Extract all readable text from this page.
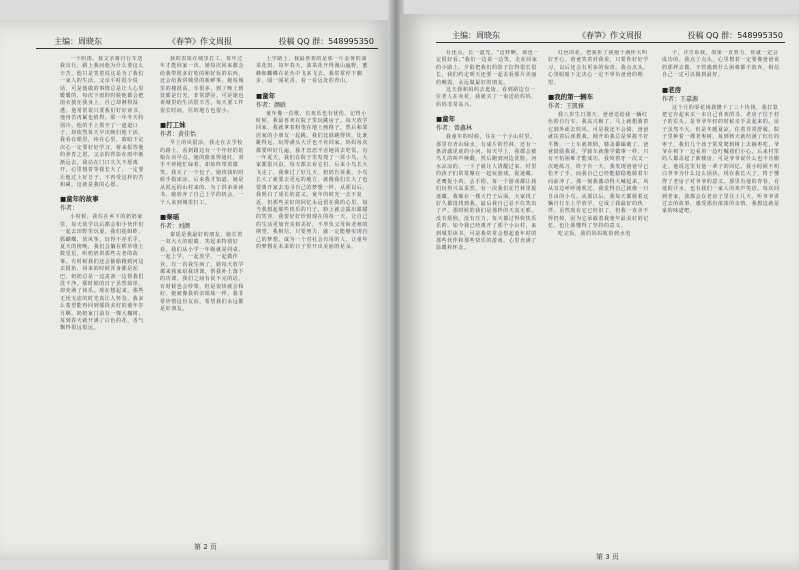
主编：周晓东	《春笋》作文周报	投稿 QQ 群：548995350

一个阴雨，我父亲骑自行车送我出行，路上我问他为什么要这么辛苦，他只是笑着说这是为了我们一家人的生活。父亲平时很少说话，可是他做的事情总是让人心里暖暖的，每次下雨的时候他都会把雨衣披在我身上，自己却淋得湿透。他常常说只要我们好好读书，他再苦再累也值得。那一年冬天特别冷，他的手上裂开了一道道口子，却依然每天早出晚归地干活。我看在眼里，疼在心里，暗暗下定决心一定要好好学习，将来报答他的养育之恩。父亲的背影在雨中渐渐远去，我站在门口久久不愿离开，心里想着等我长大了，一定要让他过上好日子，不再受这样的苦和累，这就是我的心愿。

■童年的故事
作者：

小时候，我住在乡下的奶奶家里，每天放学以后都会和小伙伴们一起去田野里玩耍。我们捉蚂蚱、抓蝴蝶、放风筝，玩得不亦乐乎。夏天的傍晚，我们会躺在稻草堆上数星星，听奶奶讲那些古老的故事。有时候我们还会偷偷跑到河边去摸鱼，回来的时候浑身都是泥巴，奶奶总是一边责备一边帮我们洗干净。那时候的日子虽然简单，却充满了快乐。现在想起来，那些无忧无虑的时光真让人怀念，我多么希望能再回到那段美好的童年岁月啊。奶奶家门前有一棵大槐树，每到春天就开满了白色的花，香气飘得很远很远。

我的表姐在城里打工，每年过年才能回家一次。她每次回来都会给我带很多好吃的和好玩的东西，还会给我讲城里的新鲜事。她说城里的楼很高，车很多，到了晚上到处都是灯光，非常漂亮。可是她也说城里的生活很辛苦，每天要工作很长时间，住的地方也很小。

■打工妹
作者：黄佳怡

早上的风很凉，我走在去学校的路上，看到路边有一个年轻的姑娘在卖早点。她的脸冻得通红，双手不停地忙碌着，却始终带着微笑。我买了一个包子，她找钱的时候手指冰凉。后来我才知道，她是从很远的山村来的，为了供弟弟读书，她放弃了自己上学的机会，一个人来到城里打工。

■秦瑶
作者：刘颜

秦瑶是我最好的朋友，她长着一双大大的眼睛，笑起来特别好看。我们从小学一年级就是同桌，一起上学，一起放学，一起做作业。有一次我生病了，她每天放学都来我家给我讲课，帮我补上落下的功课。我们之间有说不完的话，有时候也会吵架，但是很快就会和好。她就像我的亲姐妹一样，我非常珍惜这份友谊，希望我们永远都是好朋友。

上学路上，我最喜欢的是那一片金黄的油菜花田。每年春天，油菜花开得漫山遍野，蜜蜂和蝴蝶在花丛中飞来飞去。我常常停下脚步，闻一闻花香，看一看远处的青山。

■童年
作者：颜晗

童年像一首歌，有欢乐也有忧伤。记得小时候，我最喜欢在院子里玩跳房子。每天放学回家，我就拿着粉笔在地上画格子，然后和邻居家的小朋友一起跳。我们比谁跳得快，比谁跳得远，玩得满头大汗也不肯回家。妈妈每次都要叫好几遍，我才恋恋不舍地回去吃饭。有一年夏天，我们在院子里发现了一窝小鸟，大家都很兴奋，每天都去看它们。后来小鸟长大飞走了，我难过了好几天。奶奶告诉我，小鸟长大了就要去更远的地方，就像我们长大了也要离开家去追寻自己的梦想一样。从那以后，我明白了成长的意义。童年的时光一去不复返，但那些美好的回忆永远留在我的心里，每当我想起那些快乐的日子，脸上就会露出甜甜的笑容。我要好好珍惜现在的每一天，让自己的生活更加充实和美好，不辜负父母和老师的期望。我相信，只要努力，就一定能够实现自己的梦想，成为一个对社会有用的人，让童年的梦想在未来的日子里开出美丽的花朵。

第 2 页
主编：周晓东	《春笋》作文周报	投稿 QQ 群：548995350

有优点，长一道光。“这样啊，那也一定很好看。”我们一边说一边笑，走在回家的小路上。夕阳把我们的影子拉得很长很长，我们约定明天还要一起去看那片美丽的晚霞，永远做最好的朋友。

这天我和妈妈去逛街，看到路边有一位老人在卖花，我就买了一束送给妈妈，妈妈非常高兴。

■童年
作者：曾鑫林

我童年的时候，住在一个小山村里。那里有青山绿水，有成片的竹林，还有一条清澈见底的小河。每天早上，我都会被鸟儿的叫声唤醒，然后跑到河边洗脸。河水凉凉的，一下子就让人清醒过来。村里的孩子们常常聚在一起玩游戏，捉迷藏、老鹰捉小鸡、丢手绢，每一个游戏都让我们玩得兴高采烈。有一次我们在竹林里捉迷藏，我躲在一棵大竹子后面，大家找了好久都没找到我，最后我自己忍不住笑出了声。那时候的我们是那样的天真无邪，没有烦恼，没有压力，每天都过得快快乐乐的。如今我已经离开了那个小山村，来到城里读书，可是我常常会想起童年时的那些伙伴和那些快乐的游戏，心里充满了温暖和怀念。

红色的花，把我折了我抱个满怀大叫好开心。爸爸笑着对我说，只要你好好学习，以后还会有更多的惊喜。我点点头，心里暗暗下定决心一定不辜负爸爸的期望。

■我的第一辆车
作者：王凯雅

我八岁生日那天，爸爸送给我一辆红色的自行车。我高兴极了，马上就想骑着它到外面去兜风。可是我还不会骑，爸爸就扶着后座教我。刚开始我总是掌握不好平衡，一上车就摔倒，膝盖都磕破了。爸爸鼓励我说，学骑车就像学做事一样，只有不怕困难才能成功。我咬着牙一次又一次地练习，终于有一天，我发现爸爸早已松开了手，而我自己已经能稳稳地骑着车向前冲了。那一刻我激动得大喊起来，风从耳边呼呼地吹过，我觉得自己就像一只自由的小鸟。从那以后，我每天都骑着这辆自行车上学放学，它成了我最好的伙伴。虽然现在它已经旧了，但我一直舍不得扔掉，因为它承载着我童年最美好的记忆，也让我懂得了坚持的意义。

吃完饭，我的妈妈收拾到水电

个，并告诉我，如果一直努力，你就一定会成功的。我点了点头，心里想着一定要像爸爸说的那样去做，不管遇到什么困难都不放弃，相信自己一定可以做到最好。

■老房
作者：王嘉源

这个月的零花钱我攒下了三十块钱，我打算把它存起来买一本自己喜欢的书。老房子位于村子的东头，是爷爷年轻的时候亲手盖起来的。房子虽然不大，但是冬暖夏凉，住着非常舒服。院子里种着一棵老枣树，每到秋天就结满了红红的枣子，我们几个孩子常常爬到树上去摘枣吃，爷爷在树下一边看着一边叮嘱我们小心。后来村里的人都盖起了新楼房，可是爷爷说什么也不肯搬走，他说这里有他一辈子的回忆。我小时候不明白爷爷为什么这么固执，现在我长大了，终于懂得了老房子对爷爷的意义。那里有他的青春，有他的汗水，也有我们一家人的欢声笑语。每次回到老家，我都会在老房子里住上几天，听爷爷讲过去的故事，感受那份浓浓的亲情，我想这就是家的味道吧。

第 3 页
